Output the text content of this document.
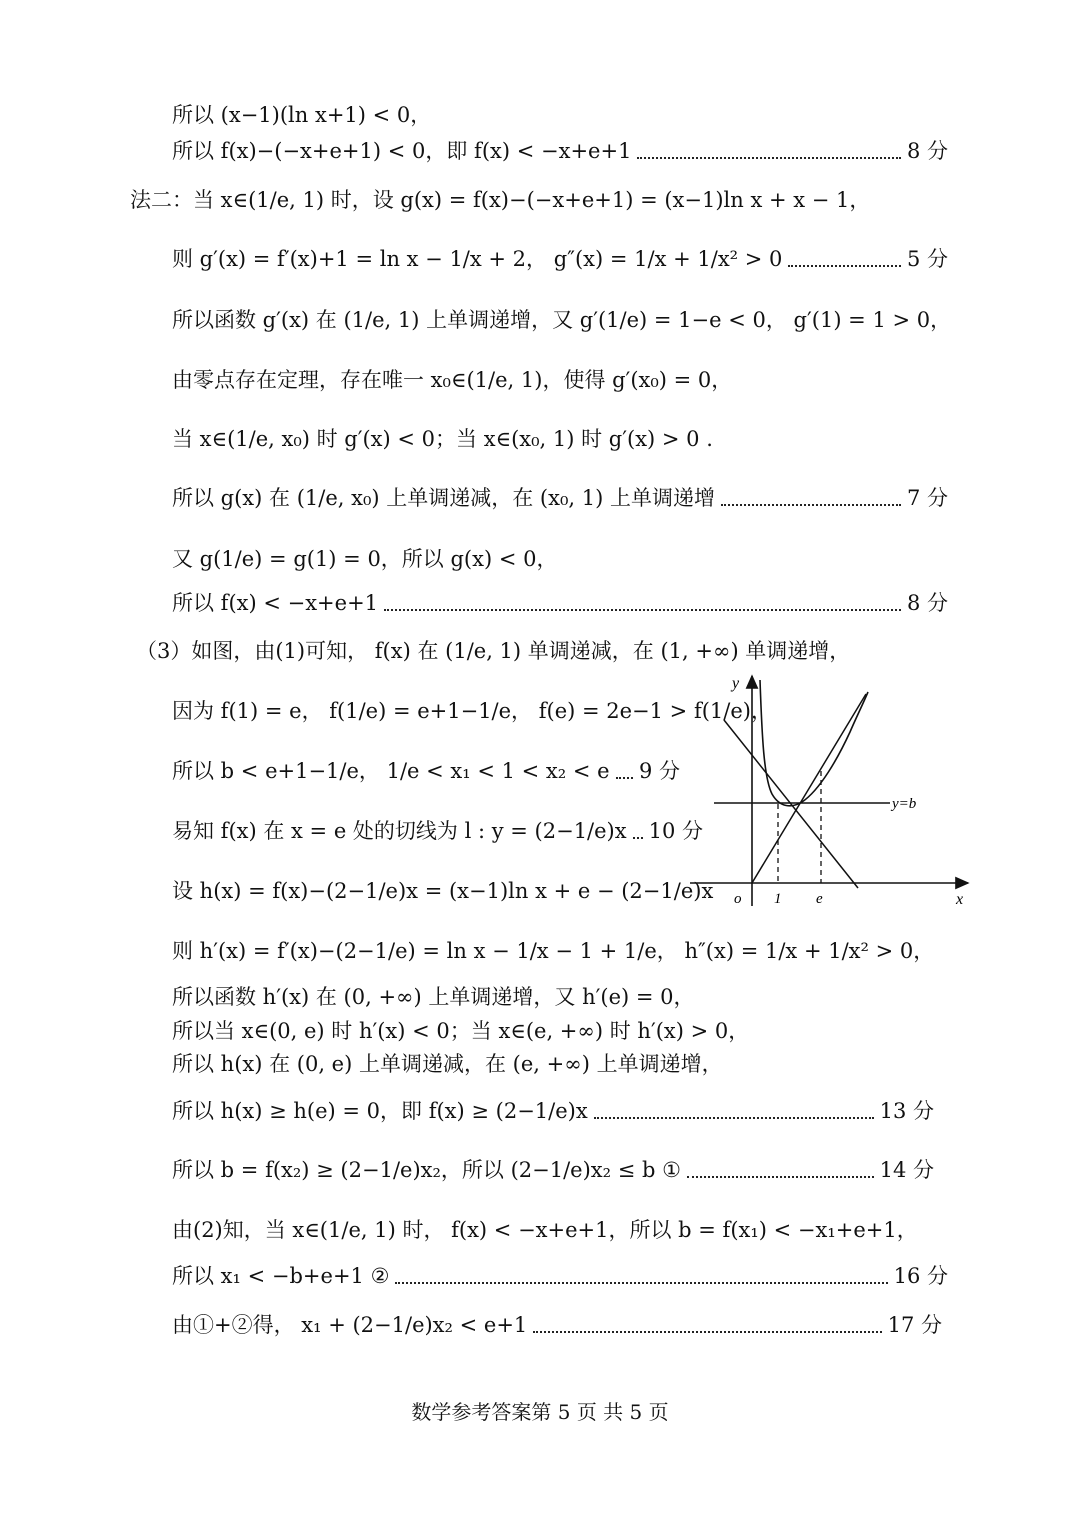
所以 (x−1)(ln x+1) < 0，
所以 f(x)−(−x+e+1) < 0，即 f(x) < −x+e+1	8 分
法二：当 x∈(1/e, 1) 时，设 g(x) = f(x)−(−x+e+1) = (x−1)ln x + x − 1，
则 g′(x) = f′(x)+1 = ln x − 1/x + 2， g″(x) = 1/x + 1/x² > 0	5 分
所以函数 g′(x) 在 (1/e, 1) 上单调递增，又 g′(1/e) = 1−e < 0， g′(1) = 1 > 0，
由零点存在定理，存在唯一 x₀∈(1/e, 1)，使得 g′(x₀) = 0，
当 x∈(1/e, x₀) 时 g′(x) < 0；当 x∈(x₀, 1) 时 g′(x) > 0 .
所以 g(x) 在 (1/e, x₀) 上单调递减，在 (x₀, 1) 上单调递增	7 分
又 g(1/e) = g(1) = 0，所以 g(x) < 0，
所以 f(x) < −x+e+1	8 分
（3）如图，由(1)可知， f(x) 在 (1/e, 1) 单调递减，在 (1, +∞) 单调递增，
因为 f(1) = e， f(1/e) = e+1−1/e， f(e) = 2e−1 > f(1/e)，
所以 b < e+1−1/e， 1/e < x₁ < 1 < x₂ < e 9 分
易知 f(x) 在 x = e 处的切线为 l : y = (2−1/e)x 10 分
设 h(x) = f(x)−(2−1/e)x = (x−1)ln x + e − (2−1/e)x
则 h′(x) = f′(x)−(2−1/e) = ln x − 1/x − 1 + 1/e， h″(x) = 1/x + 1/x² > 0，
所以函数 h′(x) 在 (0, +∞) 上单调递增，又 h′(e) = 0，
所以当 x∈(0, e) 时 h′(x) < 0；当 x∈(e, +∞) 时 h′(x) > 0，
所以 h(x) 在 (0, e) 上单调递减，在 (e, +∞) 上单调递增，
所以 h(x) ≥ h(e) = 0，即 f(x) ≥ (2−1/e)x	13 分
所以 b = f(x₂) ≥ (2−1/e)x₂，所以 (2−1/e)x₂ ≤ b ①	14 分
由(2)知，当 x∈(1/e, 1) 时， f(x) < −x+e+1，所以 b = f(x₁) < −x₁+e+1，
所以 x₁ < −b+e+1 ②	16 分
由①+②得， x₁ + (2−1/e)x₂ < e+1	17 分
y
x
o 1 e
y=b
数学参考答案第 5 页 共 5 页
